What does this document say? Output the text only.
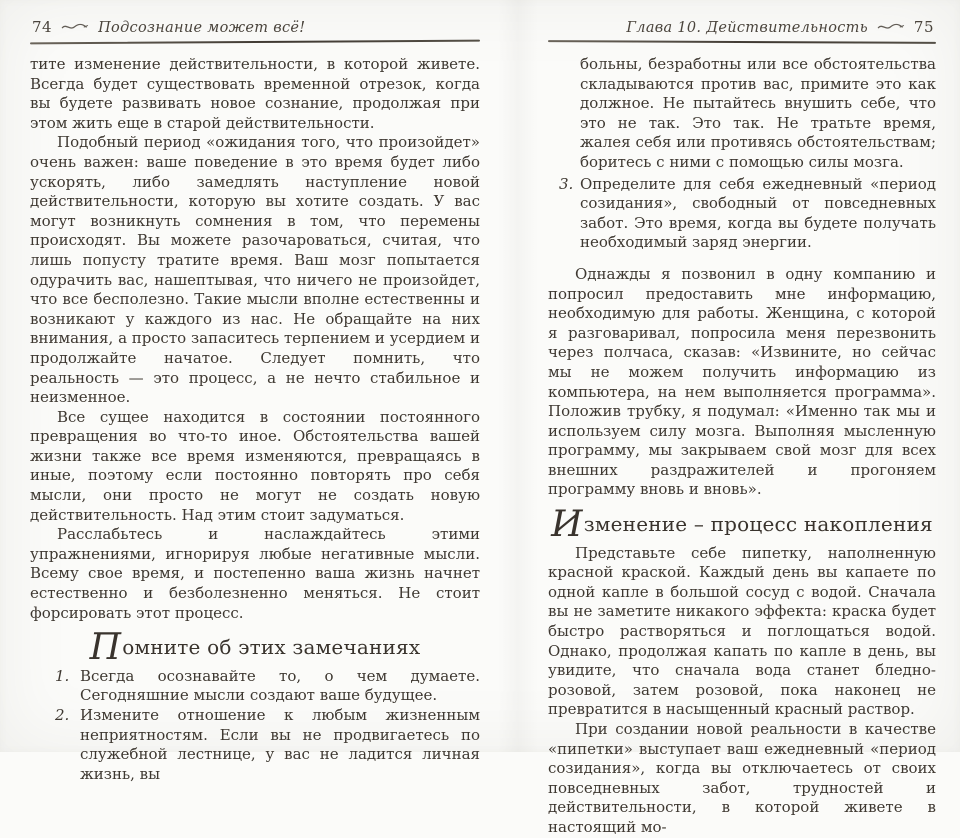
74	Подсознание может всё!

тите изменение действительности, в которой живете. Всегда будет существовать временной отрезок, когда вы будете развивать новое сознание, продолжая при этом жить еще в старой действительности.

Подобный период «ожидания того, что произойдет» очень важен: ваше поведение в это время будет либо ускорять, либо замедлять наступление новой действительности, которую вы хотите создать. У вас могут возникнуть сомнения в том, что перемены происходят. Вы можете разочароваться, считая, что лишь попусту тратите время. Ваш мозг попытается одурачить вас, нашептывая, что ничего не произойдет, что все бесполезно. Такие мысли вполне естественны и возникают у каждого из нас. Не обращайте на них внимания, а просто запаситесь терпением и усердием и продолжайте начатое. Следует помнить, что реальность — это процесс, а не нечто стабильное и неизменное.

Все сущее находится в состоянии постоянного превращения во что-то иное. Обстоятельства вашей жизни также все время изменяются, превращаясь в иные, поэтому если постоянно повторять про себя мысли, они просто не могут не создать новую действительность. Над этим стоит задуматься.

Расслабьтесь и наслаждайтесь этими упражнениями, игнорируя любые негативные мысли. Всему свое время, и постепенно ваша жизнь начнет естественно и безболезненно меняться. Не стоит форсировать этот процесс.

Помните об этих замечаниях
1. Всегда осознавайте то, о чем думаете. Сегодняшние мысли создают ваше будущее.
2. Измените отношение к любым жизненным неприятностям. Если вы не продвигаетесь по служебной лестнице, у вас не ладится личная жизнь, вы
Глава 10. Действительность	75
больны, безработны или все обстоятельства складываются против вас, примите это как должное. Не пытайтесь внушить себе, что это не так. Это так. Не тратьте время, жалея себя или противясь обстоятельствам; боритесь с ними с помощью силы мозга.
3. Определите для себя ежедневный «период созидания», свободный от повседневных забот. Это время, когда вы будете получать необходимый заряд энергии.

Однажды я позвонил в одну компанию и попросил предоставить мне информацию, необходимую для работы. Женщина, с которой я разговаривал, попросила меня перезвонить через полчаса, сказав: «Извините, но сейчас мы не можем получить информацию из компьютера, на нем выполняется программа». Положив трубку, я подумал: «Именно так мы и используем силу мозга. Выполняя мысленную программу, мы закрываем свой мозг для всех внешних раздражителей и прогоняем программу вновь и вновь».

Изменение – процесс накопления

Представьте себе пипетку, наполненную красной краской. Каждый день вы капаете по одной капле в большой сосуд с водой. Сначала вы не заметите никакого эффекта: краска будет быстро растворяться и поглощаться водой. Однако, продолжая капать по капле в день, вы увидите, что сначала вода станет бледно-розовой, затем розовой, пока наконец не превратится в насыщенный красный раствор.

При создании новой реальности в качестве «пипетки» выступает ваш ежедневный «период созидания», когда вы отключаетесь от своих повседневных забот, трудностей и действительности, в которой живете в настоящий мо-
